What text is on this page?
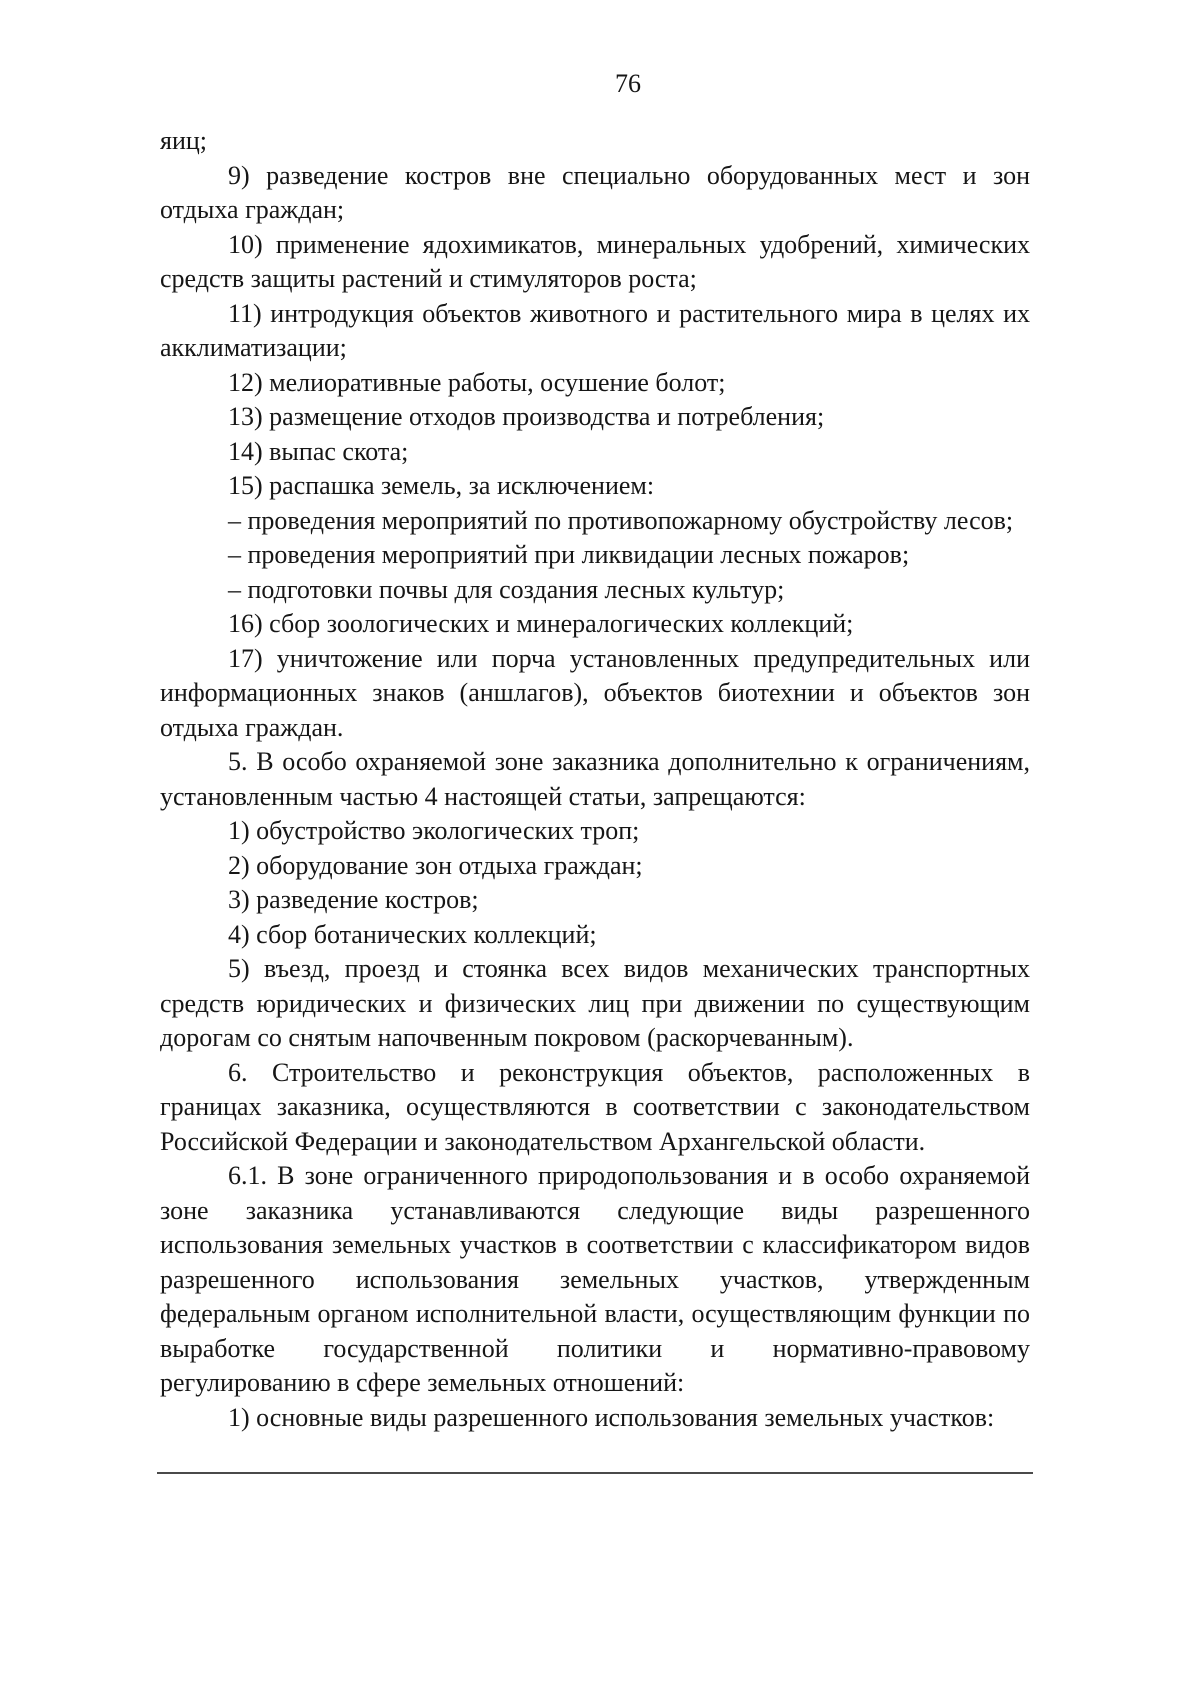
76
яиц;
9) разведение костров вне специально оборудованных мест и зон
отдыха граждан;
10) применение ядохимикатов, минеральных удобрений, химических
средств защиты растений и стимуляторов роста;
11) интродукция объектов животного и растительного мира в целях их
акклиматизации;
12) мелиоративные работы, осушение болот;
13) размещение отходов производства и потребления;
14) выпас скота;
15) распашка земель, за исключением:
– проведения мероприятий по противопожарному обустройству лесов;
– проведения мероприятий при ликвидации лесных пожаров;
– подготовки почвы для создания лесных культур;
16) сбор зоологических и минералогических коллекций;
17) уничтожение или порча установленных предупредительных или
информационных знаков (аншлагов), объектов биотехнии и объектов зон
отдыха граждан.
5. В особо охраняемой зоне заказника дополнительно к ограничениям,
установленным частью 4 настоящей статьи, запрещаются:
1) обустройство экологических троп;
2) оборудование зон отдыха граждан;
3) разведение костров;
4) сбор ботанических коллекций;
5) въезд, проезд и стоянка всех видов механических транспортных
средств юридических и физических лиц при движении по существующим
дорогам со снятым напочвенным покровом (раскорчеванным).
6. Строительство и реконструкция объектов, расположенных в
границах заказника, осуществляются в соответствии с законодательством
Российской Федерации и законодательством Архангельской области.
6.1. В зоне ограниченного природопользования и в особо охраняемой
зоне заказника устанавливаются следующие виды разрешенного
использования земельных участков в соответствии с классификатором видов
разрешенного использования земельных участков, утвержденным
федеральным органом исполнительной власти, осуществляющим функции по
выработке государственной политики и нормативно-правовому
регулированию в сфере земельных отношений:
1) основные виды разрешенного использования земельных участков:
